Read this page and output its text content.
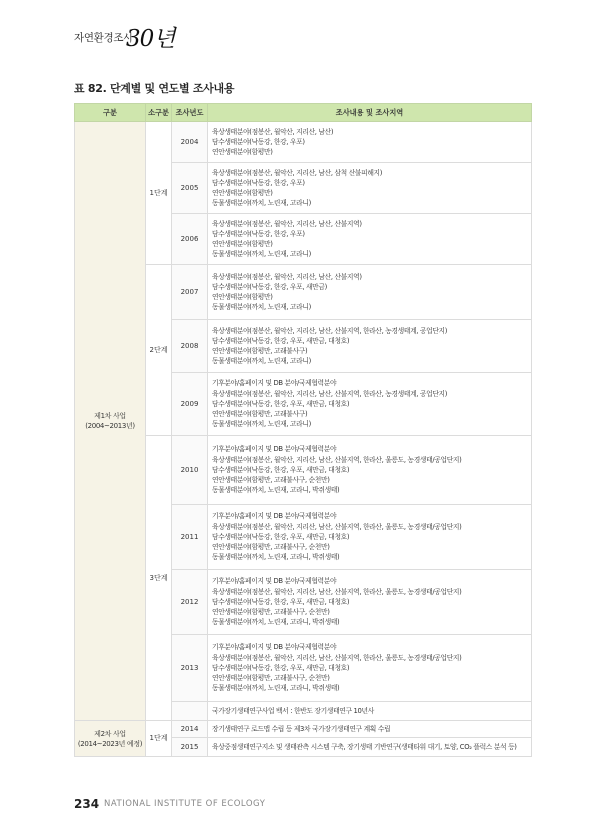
자연환경조사
30년
표 82. 단계별 및 연도별 조사내용
구분	소구분	조사년도	조사내용 및 조사지역

제1차 사업
(2004~2013년)	1단계	2004	육상생태분야(점봉산, 월악산, 지리산, 남산)
담수생태분야(낙동강, 한강, 우포)
연안생태분야(함평만)

		2005	육상생태분야(점봉산, 월악산, 지리산, 남산, 삼척 산불피해지)
담수생태분야(낙동강, 한강, 우포)
연안생태분야(함평만)
동물생태분야(까치, 노린재, 고라니)

		2006	육상생태분야(점봉산, 월악산, 지리산, 남산, 산불지역)
담수생태분야(낙동강, 한강, 우포)
연안생태분야(함평만)
동물생태분야(까치, 노린재, 고라니)

	2단계	2007	육상생태분야(점봉산, 월악산, 지리산, 남산, 산불지역)
담수생태분야(낙동강, 한강, 우포, 새만금)
연안생태분야(함평만)
동물생태분야(까치, 노린재, 고라니)

		2008	육상생태분야(점봉산, 월악산, 지리산, 남산, 산불지역, 한라산, 농경생태계, 공업단지)
담수생태분야(낙동강, 한강, 우포, 새만금, 대청호)
연안생태분야(함평만, 고래불사구)
동물생태분야(까치, 노린재, 고라니)

		2009	기후분야/홈페이지 및 DB 분야/국제협력분야
육상생태분야(점봉산, 월악산, 지리산, 남산, 산불지역, 한라산, 농경생태계, 공업단지)
담수생태분야(낙동강, 한강, 우포, 새만금, 대청호)
연안생태분야(함평만, 고래불사구)
동물생태분야(까치, 노린재, 고라니)

	3단계	2010	기후분야/홈페이지 및 DB 분야/국제협력분야
육상생태분야(점봉산, 월악산, 지리산, 남산, 산불지역, 한라산, 울릉도, 농경생태/공업단지)
담수생태분야(낙동강, 한강, 우포, 새만금, 대청호)
연안생태분야(함평만, 고래불사구, 순천만)
동물생태분야(까치, 노린재, 고라니, 박쥐생태)

		2011	기후분야/홈페이지 및 DB 분야/국제협력분야
육상생태분야(점봉산, 월악산, 지리산, 남산, 산불지역, 한라산, 울릉도, 농경생태/공업단지)
담수생태분야(낙동강, 한강, 우포, 새만금, 대청호)
연안생태분야(함평만, 고래불사구, 순천만)
동물생태분야(까치, 노린재, 고라니, 박쥐생태)

		2012	기후분야/홈페이지 및 DB 분야/국제협력분야
육상생태분야(점봉산, 월악산, 지리산, 남산, 산불지역, 한라산, 울릉도, 농경생태/공업단지)
담수생태분야(낙동강, 한강, 우포, 새만금, 대청호)
연안생태분야(함평만, 고래불사구, 순천만)
동물생태분야(까치, 노린재, 고라니, 박쥐생태)

		2013	기후분야/홈페이지 및 DB 분야/국제협력분야
육상생태분야(점봉산, 월악산, 지리산, 남산, 산불지역, 한라산, 울릉도, 농경생태/공업단지)
담수생태분야(낙동강, 한강, 우포, 새만금, 대청호)
연안생태분야(함평만, 고래불사구, 순천만)
동물생태분야(까치, 노린재, 고라니, 박쥐생태)

			국가장기생태연구사업 백서 : 한반도 장기생태연구 10년사

제2차 사업
(2014~2023년 예정)	1단계	2014	장기생태연구 로드맵 수립 등 제3차 국가장기생태연구 계획 수립

		2015	육상중점생태연구지소 및 생태관측 시스템 구축, 장기생태 기반연구(생태타워 대기, 토양, CO₂ 플럭스 분석 등)
234 NATIONAL INSTITUTE OF ECOLOGY
